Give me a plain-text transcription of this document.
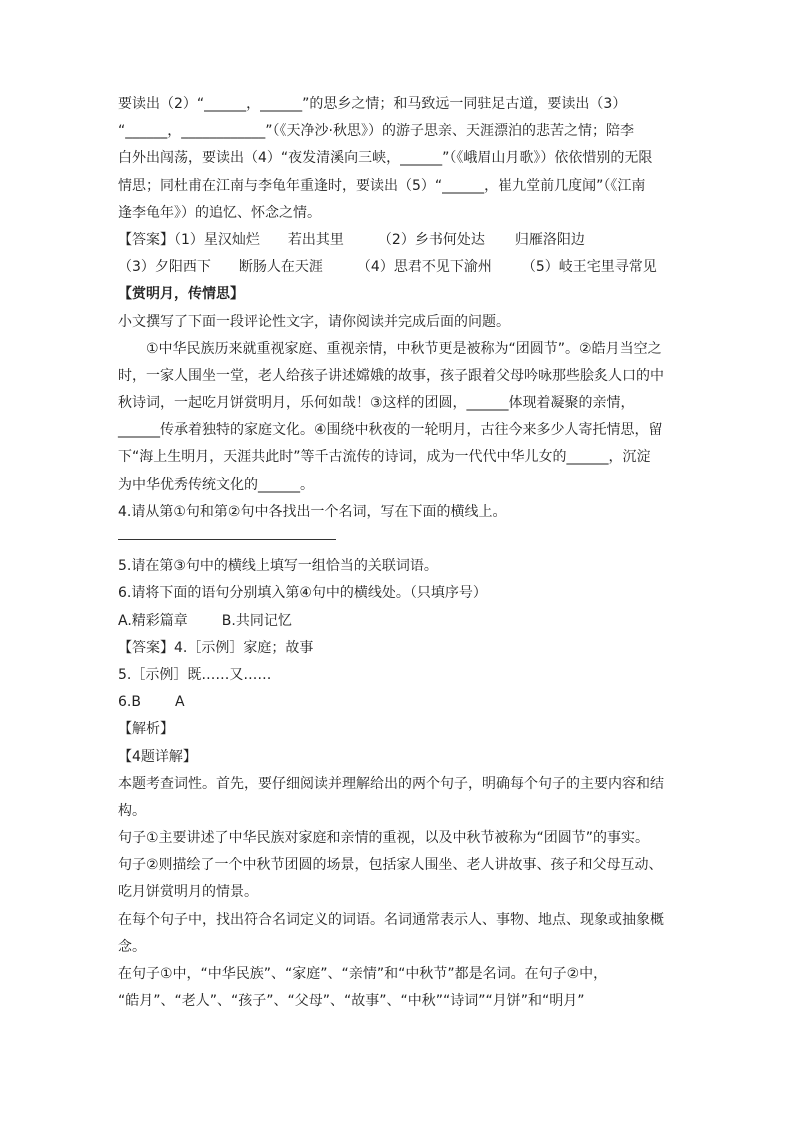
要读出（2）“______，______”的思乡之情；和马致远一同驻足古道，要读出（3）
“______，____________”（《天净沙·秋思》）的游子思亲、天涯漂泊的悲苦之情；陪李
白外出闯荡，要读出（4）“夜发清溪向三峡，______”（《峨眉山月歌》）依依惜别的无限
情思；同杜甫在江南与李龟年重逢时，要读出（5）“______，崔九堂前几度闻”（《江南
逢李龟年》）的追忆、怀念之情。
【答案】（1）星汉灿烂 若出其里 （2）乡书何处达 归雁洛阳边
（3）夕阳西下 断肠人在天涯 （4）思君不见下渝州 （5）岐王宅里寻常见
【赏明月，传情思】
小文撰写了下面一段评论性文字，请你阅读并完成后面的问题。
①中华民族历来就重视家庭、重视亲情，中秋节更是被称为“团圆节”。②皓月当空之
时，一家人围坐一堂，老人给孩子讲述嫦娥的故事，孩子跟着父母吟咏那些脍炙人口的中
秋诗词，一起吃月饼赏明月，乐何如哉！③这样的团圆，______体现着凝聚的亲情，
______传承着独特的家庭文化。④围绕中秋夜的一轮明月，古往今来多少人寄托情思，留
下“海上生明月，天涯共此时”等千古流传的诗词，成为一代代中华儿女的______，沉淀
为中华优秀传统文化的______。
4.请从第①句和第②句中各找出一个名词，写在下面的横线上。
5.请在第③句中的横线上填写一组恰当的关联词语。
6.请将下面的语句分别填入第④句中的横线处。（只填序号）
A.精彩篇章 B.共同记忆
【答案】4.［示例］家庭；故事
5.［示例］既……又……
6.B A
【解析】
【4题详解】
本题考查词性。首先，要仔细阅读并理解给出的两个句子，明确每个句子的主要内容和结
构。
句子①主要讲述了中华民族对家庭和亲情的重视，以及中秋节被称为“团圆节”的事实。
句子②则描绘了一个中秋节团圆的场景，包括家人围坐、老人讲故事、孩子和父母互动、
吃月饼赏明月的情景。
在每个句子中，找出符合名词定义的词语。名词通常表示人、事物、地点、现象或抽象概
念。
在句子①中，“中华民族”、“家庭”、“亲情”和“中秋节”都是名词。在句子②中，
“皓月”、“老人”、“孩子”、“父母”、“故事”、“中秋”“诗词”“月饼”和“明月”
